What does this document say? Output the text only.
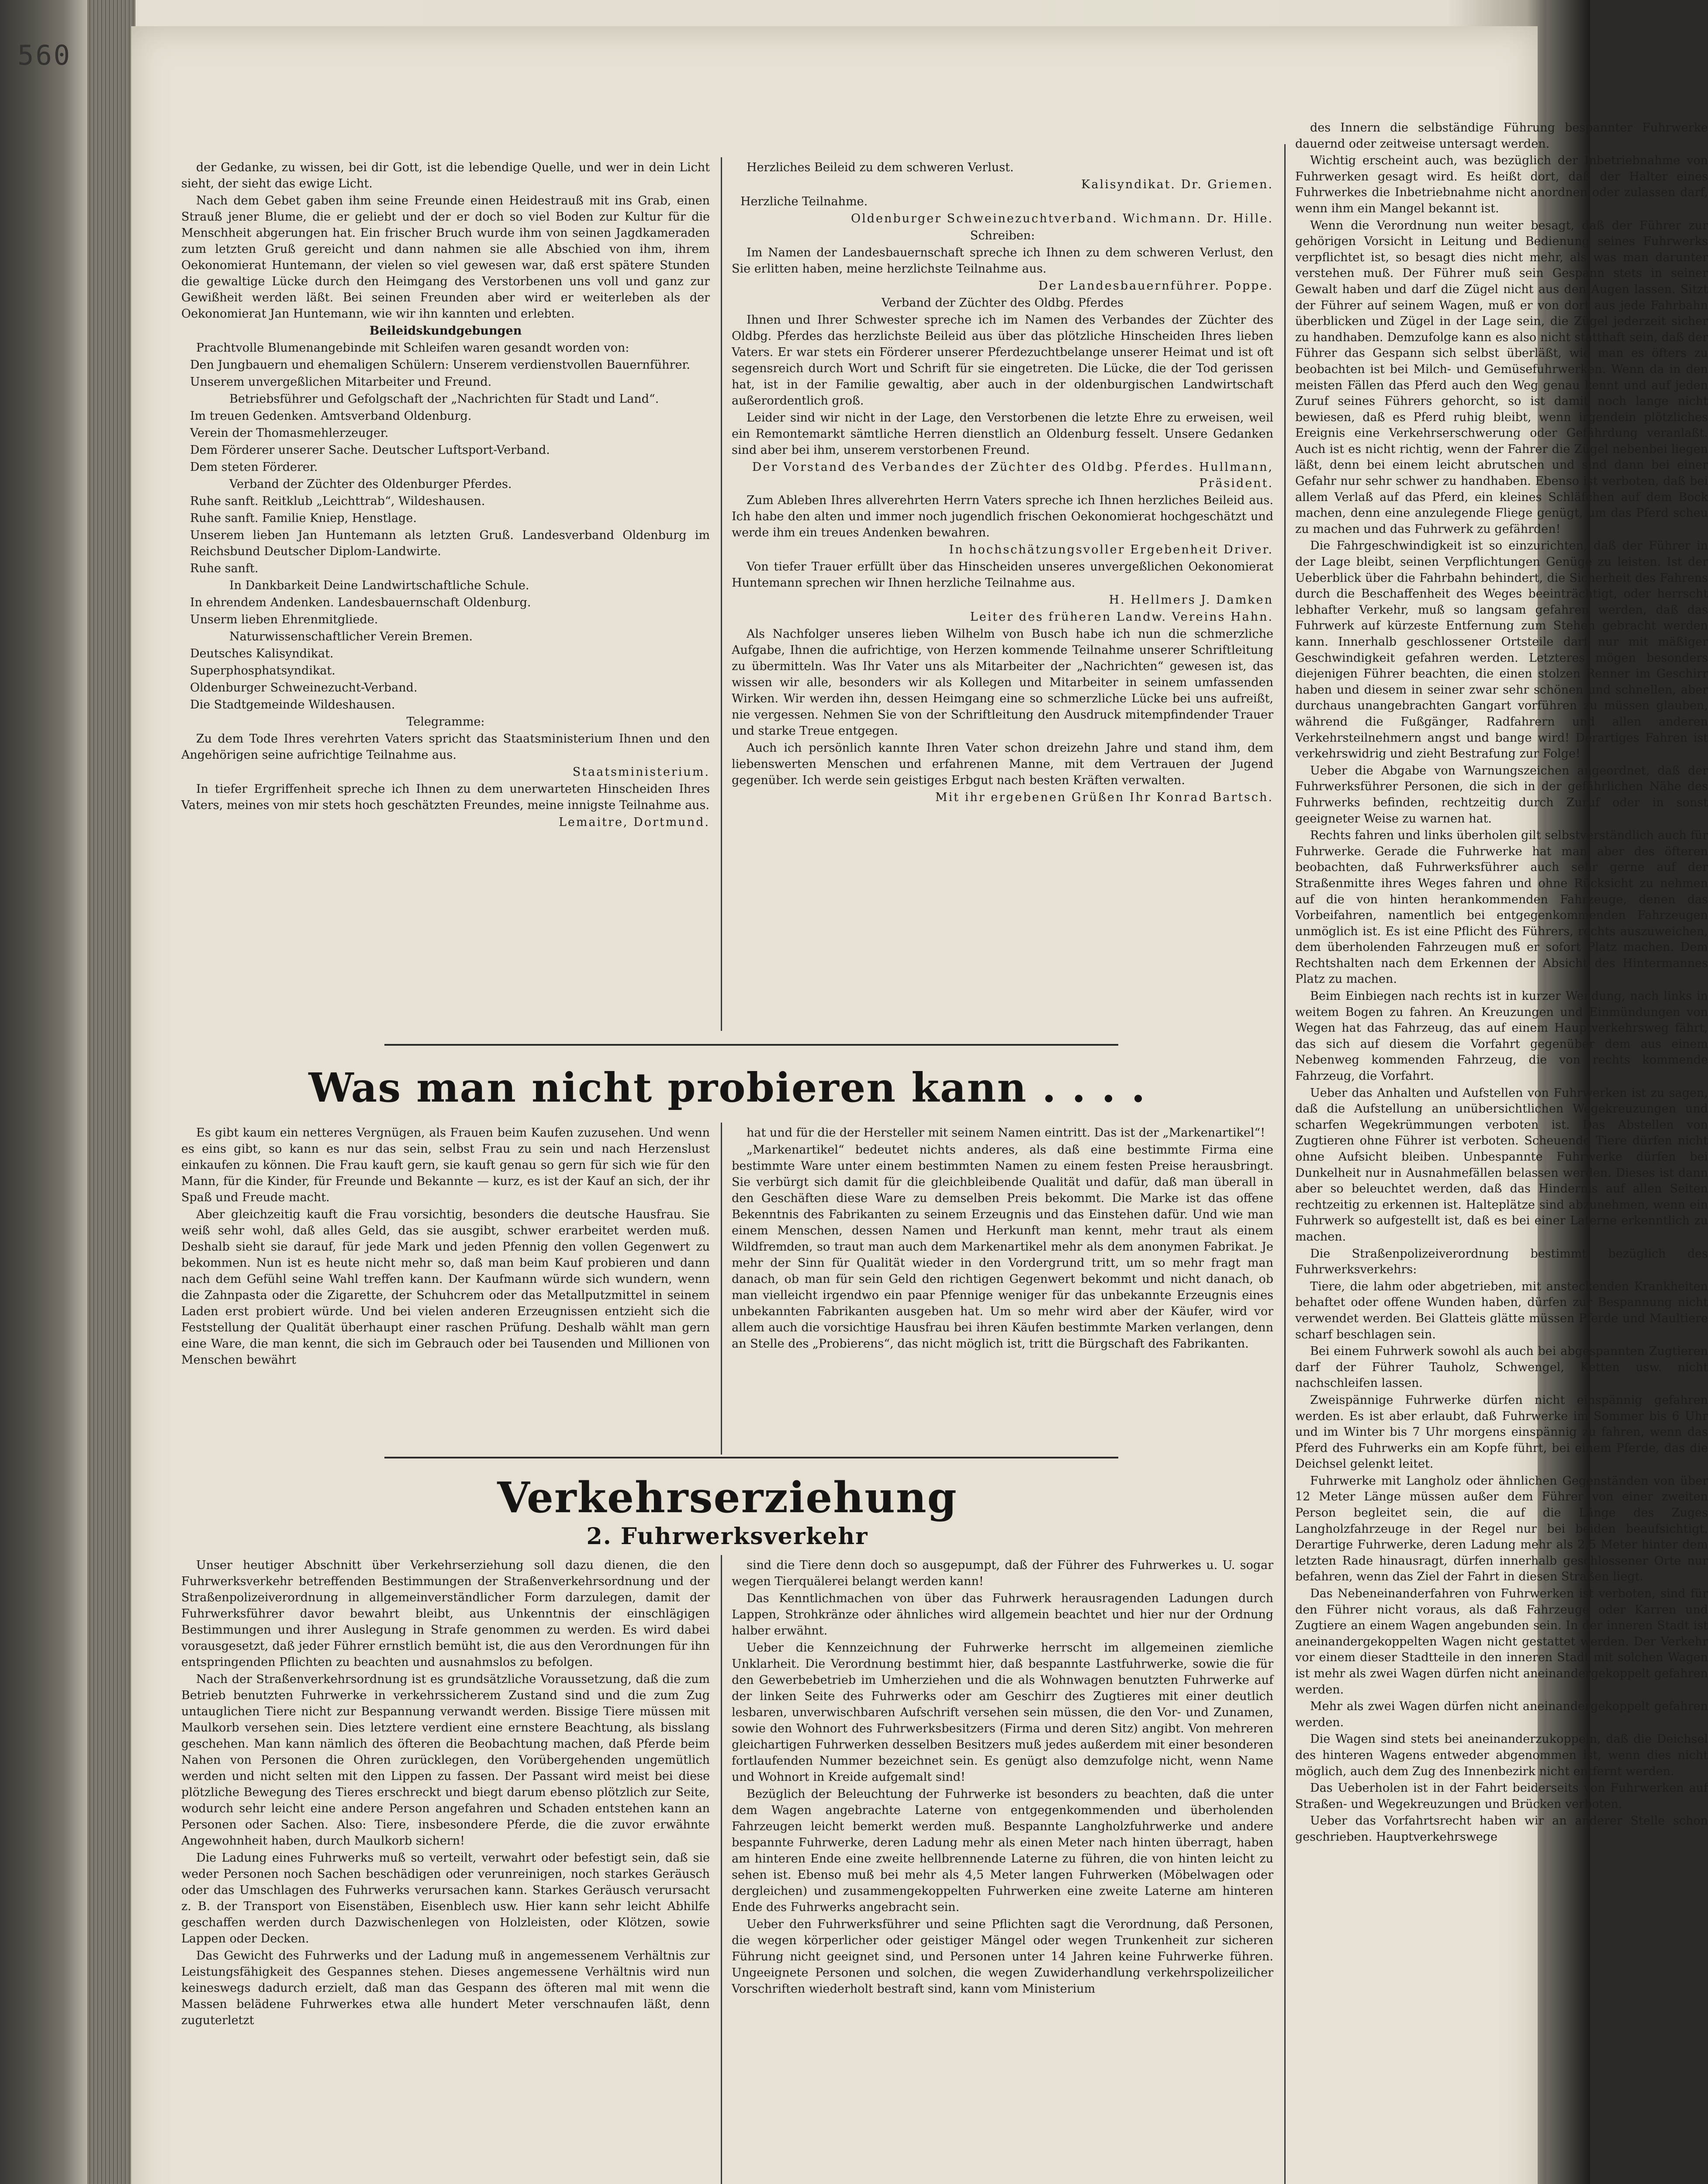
560

der Gedanke, zu wissen, bei dir Gott, ist die lebendige Quelle, und wer in dein Licht sieht, der sieht das ewige Licht.

Nach dem Gebet gaben ihm seine Freunde einen Heidestrauß mit ins Grab, einen Strauß jener Blume, die er geliebt und der er doch so viel Boden zur Kultur für die Menschheit abgerungen hat. Ein frischer Bruch wurde ihm von seinen Jagdkameraden zum letzten Gruß gereicht und dann nahmen sie alle Abschied von ihm, ihrem Oekonomierat Huntemann, der vielen so viel gewesen war, daß erst spätere Stunden die gewaltige Lücke durch den Heimgang des Verstorbenen uns voll und ganz zur Gewißheit werden läßt. Bei seinen Freunden aber wird er weiterleben als der Oekonomierat Jan Huntemann, wie wir ihn kannten und erlebten.

Beileidskundgebungen

Prachtvolle Blumenangebinde mit Schleifen waren gesandt worden von:

Den Jungbauern und ehemaligen Schülern: Unserem verdienstvollen Bauernführer.

Unserem unvergeßlichen Mitarbeiter und Freund.

Betriebsführer und Gefolgschaft der „Nachrichten für Stadt und Land“.

Im treuen Gedenken. Amtsverband Oldenburg.

Verein der Thomasmehlerzeuger.

Dem Förderer unserer Sache. Deutscher Luftsport-Verband.

Dem steten Förderer.

Verband der Züchter des Oldenburger Pferdes.

Ruhe sanft. Reitklub „Leichttrab“, Wildeshausen.

Ruhe sanft. Familie Kniep, Henstlage.

Unserem lieben Jan Huntemann als letzten Gruß. Landesverband Oldenburg im Reichsbund Deutscher Diplom-Landwirte.

Ruhe sanft.

In Dankbarkeit Deine Landwirtschaftliche Schule.

In ehrendem Andenken. Landesbauernschaft Oldenburg.

Unserm lieben Ehrenmitgliede.

Naturwissenschaftlicher Verein Bremen.

Deutsches Kalisyndikat.

Superphosphatsyndikat.

Oldenburger Schweinezucht-Verband.

Die Stadtgemeinde Wildeshausen.

Telegramme:

Zu dem Tode Ihres verehrten Vaters spricht das Staatsministerium Ihnen und den Angehörigen seine aufrichtige Teilnahme aus.

Staatsministerium.

In tiefer Ergriffenheit spreche ich Ihnen zu dem unerwarteten Hinscheiden Ihres Vaters, meines von mir stets hoch geschätzten Freundes, meine innigste Teilnahme aus.

Lemaitre, Dortmund.

Herzliches Beileid zu dem schweren Verlust.

Kalisyndikat. Dr. Griemen.

Herzliche Teilnahme.

Oldenburger Schweinezuchtverband. Wichmann. Dr. Hille.

Schreiben:

Im Namen der Landesbauernschaft spreche ich Ihnen zu dem schweren Verlust, den Sie erlitten haben, meine herzlichste Teilnahme aus.

Der Landesbauernführer. Poppe.

Verband der Züchter des Oldbg. Pferdes

Ihnen und Ihrer Schwester spreche ich im Namen des Verbandes der Züchter des Oldbg. Pferdes das herzlichste Beileid aus über das plötzliche Hinscheiden Ihres lieben Vaters. Er war stets ein Förderer unserer Pferdezuchtbelange unserer Heimat und ist oft segensreich durch Wort und Schrift für sie eingetreten. Die Lücke, die der Tod gerissen hat, ist in der Familie gewaltig, aber auch in der oldenburgischen Landwirtschaft außerordentlich groß.

Leider sind wir nicht in der Lage, den Verstorbenen die letzte Ehre zu erweisen, weil ein Remontemarkt sämtliche Herren dienstlich an Oldenburg fesselt. Unsere Gedanken sind aber bei ihm, unserem verstorbenen Freund.

Der Vorstand des Verbandes der Züchter des Oldbg. Pferdes. Hullmann, Präsident.

Zum Ableben Ihres allverehrten Herrn Vaters spreche ich Ihnen herzliches Beileid aus. Ich habe den alten und immer noch jugendlich frischen Oekonomierat hochgeschätzt und werde ihm ein treues Andenken bewahren.

In hochschätzungsvoller Ergebenheit Driver.

Von tiefer Trauer erfüllt über das Hinscheiden unseres unvergeßlichen Oekonomierat Huntemann sprechen wir Ihnen herzliche Teilnahme aus.

H. Hellmers J. Damken

Leiter des früheren Landw. Vereins Hahn.

Als Nachfolger unseres lieben Wilhelm von Busch habe ich nun die schmerzliche Aufgabe, Ihnen die aufrichtige, von Herzen kommende Teilnahme unserer Schriftleitung zu übermitteln. Was Ihr Vater uns als Mitarbeiter der „Nachrichten“ gewesen ist, das wissen wir alle, besonders wir als Kollegen und Mitarbeiter in seinem umfassenden Wirken. Wir werden ihn, dessen Heimgang eine so schmerzliche Lücke bei uns aufreißt, nie vergessen. Nehmen Sie von der Schriftleitung den Ausdruck mitempfindender Trauer und starke Treue entgegen.

Auch ich persönlich kannte Ihren Vater schon dreizehn Jahre und stand ihm, dem liebenswerten Menschen und erfahrenen Manne, mit dem Vertrauen der Jugend gegenüber. Ich werde sein geistiges Erbgut nach besten Kräften verwalten.

Mit ihr ergebenen Grüßen Ihr Konrad Bartsch.

Was man nicht probieren kann . . . .

Es gibt kaum ein netteres Vergnügen, als Frauen beim Kaufen zuzusehen. Und wenn es eins gibt, so kann es nur das sein, selbst Frau zu sein und nach Herzenslust einkaufen zu können. Die Frau kauft gern, sie kauft genau so gern für sich wie für den Mann, für die Kinder, für Freunde und Bekannte — kurz, es ist der Kauf an sich, der ihr Spaß und Freude macht.

Aber gleichzeitig kauft die Frau vorsichtig, besonders die deutsche Hausfrau. Sie weiß sehr wohl, daß alles Geld, das sie ausgibt, schwer erarbeitet werden muß. Deshalb sieht sie darauf, für jede Mark und jeden Pfennig den vollen Gegenwert zu bekommen. Nun ist es heute nicht mehr so, daß man beim Kauf probieren und dann nach dem Gefühl seine Wahl treffen kann. Der Kaufmann würde sich wundern, wenn die Zahnpasta oder die Zigarette, der Schuhcrem oder das Metallputzmittel in seinem Laden erst probiert würde. Und bei vielen anderen Erzeugnissen entzieht sich die Feststellung der Qualität überhaupt einer raschen Prüfung. Deshalb wählt man gern eine Ware, die man kennt, die sich im Gebrauch oder bei Tausenden und Millionen von Menschen bewährt

hat und für die der Hersteller mit seinem Namen eintritt. Das ist der „Markenartikel“!

„Markenartikel“ bedeutet nichts anderes, als daß eine bestimmte Firma eine bestimmte Ware unter einem bestimmten Namen zu einem festen Preise herausbringt. Sie verbürgt sich damit für die gleichbleibende Qualität und dafür, daß man überall in den Geschäften diese Ware zu demselben Preis bekommt. Die Marke ist das offene Bekenntnis des Fabrikanten zu seinem Erzeugnis und das Einstehen dafür. Und wie man einem Menschen, dessen Namen und Herkunft man kennt, mehr traut als einem Wildfremden, so traut man auch dem Markenartikel mehr als dem anonymen Fabrikat. Je mehr der Sinn für Qualität wieder in den Vordergrund tritt, um so mehr fragt man danach, ob man für sein Geld den richtigen Gegenwert bekommt und nicht danach, ob man vielleicht irgendwo ein paar Pfennige weniger für das unbekannte Erzeugnis eines unbekannten Fabrikanten ausgeben hat. Um so mehr wird aber der Käufer, wird vor allem auch die vorsichtige Hausfrau bei ihren Käufen bestimmte Marken verlangen, denn an Stelle des „Probierens“, das nicht möglich ist, tritt die Bürgschaft des Fabrikanten.

Verkehrserziehung
2. Fuhrwerksverkehr

Unser heutiger Abschnitt über Verkehrserziehung soll dazu dienen, die den Fuhrwerksverkehr betreffenden Bestimmungen der Straßenverkehrsordnung und der Straßenpolizeiverordnung in allgemeinverständlicher Form darzulegen, damit der Fuhrwerksführer davor bewahrt bleibt, aus Unkenntnis der einschlägigen Bestimmungen und ihrer Auslegung in Strafe genommen zu werden. Es wird dabei vorausgesetzt, daß jeder Führer ernstlich bemüht ist, die aus den Verordnungen für ihn entspringenden Pflichten zu beachten und ausnahmslos zu befolgen.

Nach der Straßenverkehrsordnung ist es grundsätzliche Voraussetzung, daß die zum Betrieb benutzten Fuhrwerke in verkehrssicherem Zustand sind und die zum Zug untauglichen Tiere nicht zur Bespannung verwandt werden. Bissige Tiere müssen mit Maulkorb versehen sein. Dies letztere verdient eine ernstere Beachtung, als bisslang geschehen. Man kann nämlich des öfteren die Beobachtung machen, daß Pferde beim Nahen von Personen die Ohren zurücklegen, den Vorübergehenden ungemütlich werden und nicht selten mit den Lippen zu fassen. Der Passant wird meist bei diese plötzliche Bewegung des Tieres erschreckt und biegt darum ebenso plötzlich zur Seite, wodurch sehr leicht eine andere Person angefahren und Schaden entstehen kann an Personen oder Sachen. Also: Tiere, insbesondere Pferde, die die zuvor erwähnte Angewohnheit haben, durch Maulkorb sichern!

Die Ladung eines Fuhrwerks muß so verteilt, verwahrt oder befestigt sein, daß sie weder Personen noch Sachen beschädigen oder verunreinigen, noch starkes Geräusch oder das Umschlagen des Fuhrwerks verursachen kann. Starkes Geräusch verursacht z. B. der Transport von Eisenstäben, Eisenblech usw. Hier kann sehr leicht Abhilfe geschaffen werden durch Dazwischenlegen von Holzleisten, oder Klötzen, sowie Lappen oder Decken.

Das Gewicht des Fuhrwerks und der Ladung muß in angemessenem Verhältnis zur Leistungsfähigkeit des Gespannes stehen. Dieses angemessene Verhältnis wird nun keineswegs dadurch erzielt, daß man das Gespann des öfteren mal mit wenn die Massen belädene Fuhrwerkes etwa alle hundert Meter verschnaufen läßt, denn zuguterletzt

sind die Tiere denn doch so ausgepumpt, daß der Führer des Fuhrwerkes u. U. sogar wegen Tierquälerei belangt werden kann!

Das Kenntlichmachen von über das Fuhrwerk herausragenden Ladungen durch Lappen, Strohkränze oder ähnliches wird allgemein beachtet und hier nur der Ordnung halber erwähnt.

Ueber die Kennzeichnung der Fuhrwerke herrscht im allgemeinen ziemliche Unklarheit. Die Verordnung bestimmt hier, daß bespannte Lastfuhrwerke, sowie die für den Gewerbebetrieb im Umherziehen und die als Wohnwagen benutzten Fuhrwerke auf der linken Seite des Fuhrwerks oder am Geschirr des Zugtieres mit einer deutlich lesbaren, unverwischbaren Aufschrift versehen sein müssen, die den Vor- und Zunamen, sowie den Wohnort des Fuhrwerksbesitzers (Firma und deren Sitz) angibt. Von mehreren gleichartigen Fuhrwerken desselben Besitzers muß jedes außerdem mit einer besonderen fortlaufenden Nummer bezeichnet sein. Es genügt also demzufolge nicht, wenn Name und Wohnort in Kreide aufgemalt sind!

Bezüglich der Beleuchtung der Fuhrwerke ist besonders zu beachten, daß die unter dem Wagen angebrachte Laterne von entgegenkommenden und überholenden Fahrzeugen leicht bemerkt werden muß. Bespannte Langholzfuhrwerke und andere bespannte Fuhrwerke, deren Ladung mehr als einen Meter nach hinten überragt, haben am hinteren Ende eine zweite hellbrennende Laterne zu führen, die von hinten leicht zu sehen ist. Ebenso muß bei mehr als 4,5 Meter langen Fuhrwerken (Möbelwagen oder dergleichen) und zusammengekoppelten Fuhrwerken eine zweite Laterne am hinteren Ende des Fuhrwerks angebracht sein.

Ueber den Fuhrwerksführer und seine Pflichten sagt die Verordnung, daß Personen, die wegen körperlicher oder geistiger Mängel oder wegen Trunkenheit zur sicheren Führung nicht geeignet sind, und Personen unter 14 Jahren keine Fuhrwerke führen. Ungeeignete Personen und solchen, die wegen Zuwiderhandlung verkehrspolizeilicher Vorschriften wiederholt bestraft sind, kann vom Ministerium

des Innern die selbständige Führung bespannter Fuhrwerke dauernd oder zeitweise untersagt werden.

Wichtig erscheint auch, was bezüglich der Inbetriebnahme von Fuhrwerken gesagt wird. Es heißt dort, daß der Halter eines Fuhrwerkes die Inbetriebnahme nicht anordnen oder zulassen darf, wenn ihm ein Mangel bekannt ist.

Wenn die Verordnung nun weiter besagt, daß der Führer zur gehörigen Vorsicht in Leitung und Bedienung seines Fuhrwerks verpflichtet ist, so besagt dies nicht mehr, als was man darunter verstehen muß. Der Führer muß sein Gespann stets in seiner Gewalt haben und darf die Zügel nicht aus den Augen lassen. Sitzt der Führer auf seinem Wagen, muß er von dort aus jede Fahrbahn überblicken und Zügel in der Lage sein, die Zügel jederzeit sicher zu handhaben. Demzufolge kann es also nicht statthaft sein, daß der Führer das Gespann sich selbst überläßt, wie man es öfters zu beobachten ist bei Milch- und Gemüsefuhrwerken. Wenn da in den meisten Fällen das Pferd auch den Weg genau kennt und auf jeden Zuruf seines Führers gehorcht, so ist damit noch lange nicht bewiesen, daß es Pferd ruhig bleibt, wenn irgendein plötzliches Ereignis eine Verkehrserschwerung oder Gefährdung veranlaßt. Auch ist es nicht richtig, wenn der Fahrer die Zügel nebenbei liegen läßt, denn bei einem leicht abrutschen und sind dann bei einer Gefahr nur sehr schwer zu handhaben. Ebenso ist verboten, daß bei allem Verlaß auf das Pferd, ein kleines Schläfchen auf dem Bock machen, denn eine anzulegende Fliege genügt, um das Pferd scheu zu machen und das Fuhrwerk zu gefährden!

Die Fahrgeschwindigkeit ist so einzurichten, daß der Führer in der Lage bleibt, seinen Verpflichtungen Genüge zu leisten. Ist der Ueberblick über die Fahrbahn behindert, die Sicherheit des Fahrens durch die Beschaffenheit des Weges beeinträchtigt, oder herrscht lebhafter Verkehr, muß so langsam gefahren werden, daß das Fuhrwerk auf kürzeste Entfernung zum Stehen gebracht werden kann. Innerhalb geschlossener Ortsteile darf nur mit mäßiger Geschwindigkeit gefahren werden. Letzteres mögen besonders diejenigen Führer beachten, die einen stolzen Renner im Geschirr haben und diesem in seiner zwar sehr schönen und schnellen, aber durchaus unangebrachten Gangart vorführen zu müssen glauben, während die Fußgänger, Radfahrern und allen anderen Verkehrsteilnehmern angst und bange wird! Derartiges Fahren ist verkehrswidrig und zieht Bestrafung zur Folge!

Ueber die Abgabe von Warnungszeichen angeordnet, daß der Fuhrwerksführer Personen, die sich in der gefährlichen Nähe des Fuhrwerks befinden, rechtzeitig durch Zuruf oder in sonst geeigneter Weise zu warnen hat.

Rechts fahren und links überholen gilt selbstverständlich auch für Fuhrwerke. Gerade die Fuhrwerke hat man aber des öfteren beobachten, daß Fuhrwerksführer auch sehr gerne auf der Straßenmitte ihres Weges fahren und ohne Rücksicht zu nehmen auf die von hinten herankommenden Fahrzeuge, denen das Vorbeifahren, namentlich bei entgegenkommenden Fahrzeugen unmöglich ist. Es ist eine Pflicht des Führers, rechts auszuweichen, dem überholenden Fahrzeugen muß er sofort Platz machen. Dem Rechtshalten nach dem Erkennen der Absicht des Hintermannes Platz zu machen.

Beim Einbiegen nach rechts ist in kurzer Wendung, nach links in weitem Bogen zu fahren. An Kreuzungen und Einmündungen von Wegen hat das Fahrzeug, das auf einem Hauptverkehrsweg fährt, das sich auf diesem die Vorfahrt gegenüber dem aus einem Nebenweg kommenden Fahrzeug, die von rechts kommende Fahrzeug, die Vorfahrt.

Ueber das Anhalten und Aufstellen von Fuhrwerken ist zu sagen, daß die Aufstellung an unübersichtlichen Wegekreuzungen und scharfen Wegekrümmungen verboten ist. Das Abstellen von Zugtieren ohne Führer ist verboten. Scheuende Tiere dürfen nicht ohne Aufsicht bleiben. Unbespannte Fuhrwerke dürfen bei Dunkelheit nur in Ausnahmefällen belassen werden. Dieses ist dann aber so beleuchtet werden, daß das Hindernis auf allen Seiten rechtzeitig zu erkennen ist. Halteplätze sind abzunehmen, wenn ein Fuhrwerk so aufgestellt ist, daß es bei einer Laterne erkenntlich zu machen.

Die Straßenpolizeiverordnung bestimmt bezüglich des Fuhrwerksverkehrs:

Tiere, die lahm oder abgetrieben, mit ansteckenden Krankheiten behaftet oder offene Wunden haben, dürfen zur Bespannung nicht verwendet werden. Bei Glatteis glätte müssen Pferde und Maultiere scharf beschlagen sein.

Bei einem Fuhrwerk sowohl als auch bei abgespannten Zugtieren darf der Führer Tauholz, Schwengel, Ketten usw. nicht nachschleifen lassen.

Zweispännige Fuhrwerke dürfen nicht einspännig gefahren werden. Es ist aber erlaubt, daß Fuhrwerke im Sommer bis 6 Uhr und im Winter bis 7 Uhr morgens einspännig zu fahren, wenn das Pferd des Fuhrwerks ein am Kopfe führt, bei einem Pferde, das die Deichsel gelenkt leitet.

Fuhrwerke mit Langholz oder ähnlichen Gegenständen von über 12 Meter Länge müssen außer dem Führer von einer zweiten Person begleitet sein, die auf die Länge des Zuges Langholzfahrzeuge in der Regel nur bei beiden beaufsichtigt. Derartige Fuhrwerke, deren Ladung mehr als 2,5 Meter hinter dem letzten Rade hinausragt, dürfen innerhalb geschlossener Orte nur befahren, wenn das Ziel der Fahrt in diesen Straßen liegt.

Das Nebeneinanderfahren von Fuhrwerken ist verboten, sind für den Führer nicht voraus, als daß Fahrzeuge oder Karren und Zugtiere an einem Wagen angebunden sein. In der inneren Stadt ist aneinandergekoppelten Wagen nicht gestattet werden. Der Verkehr vor einem dieser Stadtteile in den inneren Stadt mit solchen Wagen ist mehr als zwei Wagen dürfen nicht aneinandergekoppelt gefahren werden.

Mehr als zwei Wagen dürfen nicht aneinandergekoppelt gefahren werden.

Die Wagen sind stets bei aneinanderzukoppeln, daß die Deichsel des hinteren Wagens entweder abgenommen ist, wenn dies nicht möglich, auch dem Zug des Innenbezirk nicht entfernt werden.

Das Ueberholen ist in der Fahrt beiderseits von Fuhrwerken auf Straßen- und Wegekreuzungen und Brücken verboten.

Ueber das Vorfahrtsrecht haben wir an anderer Stelle schon geschrieben. Hauptverkehrswege
